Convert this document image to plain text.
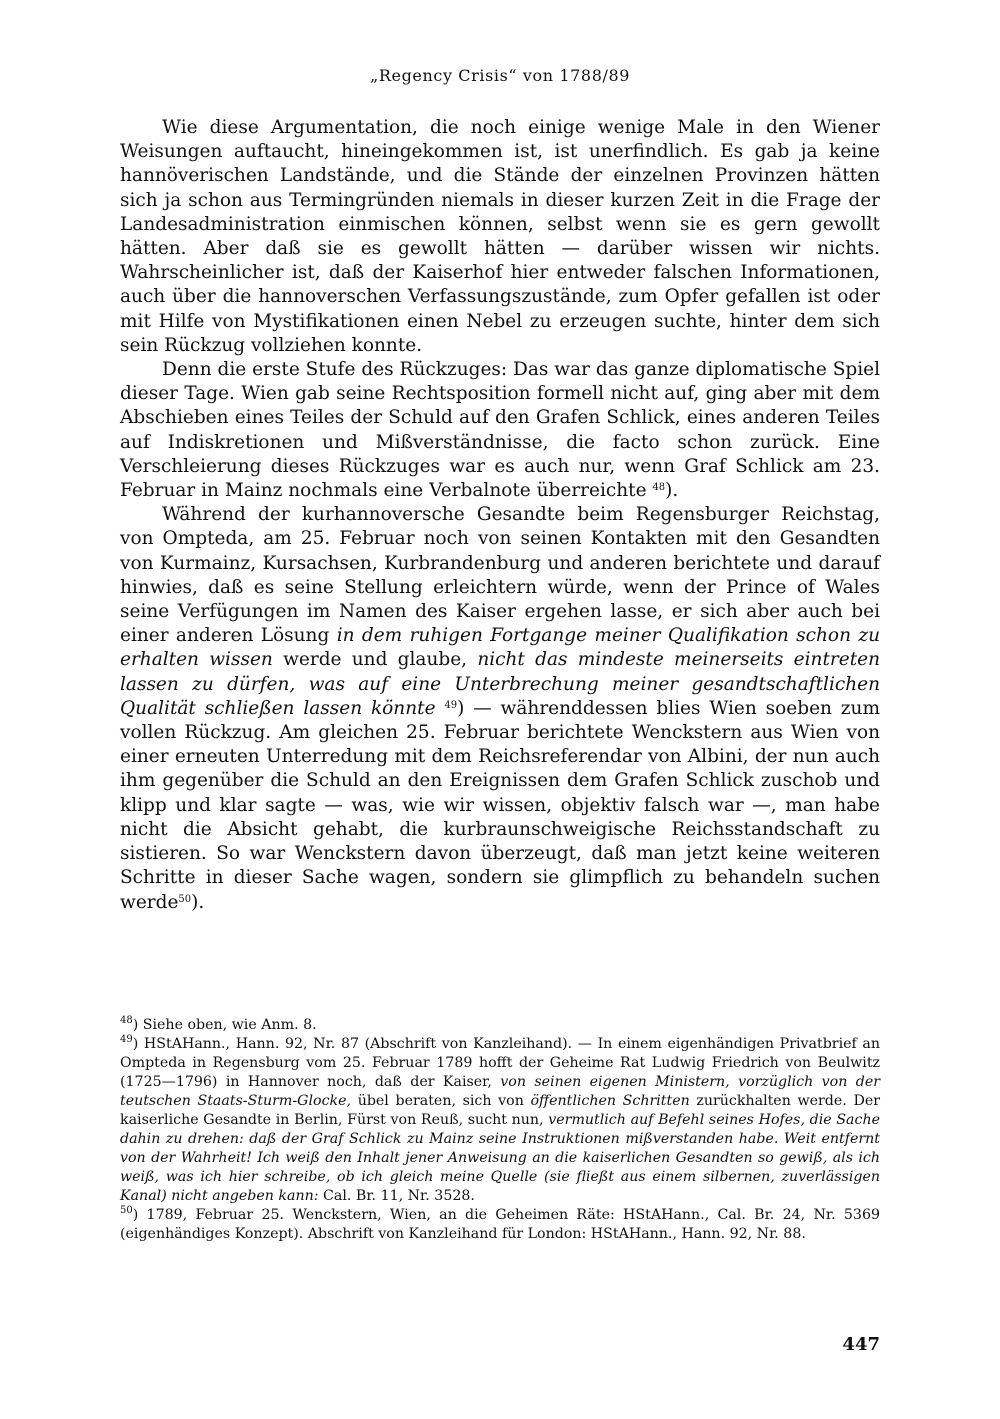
„Regency Crisis“ von 1788/89

Wie diese Argumentation, die noch einige wenige Male in den Wiener Weisungen auftaucht, hineingekommen ist, ist unerfindlich. Es gab ja keine hannöverischen Landstände, und die Stände der einzelnen Provinzen hätten sich ja schon aus Termingründen niemals in dieser kurzen Zeit in die Frage der Landesadministration einmischen können, selbst wenn sie es gern gewollt hätten. Aber daß sie es gewollt hätten — darüber wissen wir nichts. Wahrscheinlicher ist, daß der Kaiserhof hier entweder falschen Informationen, auch über die hannoverschen Verfassungszustände, zum Opfer gefallen ist oder mit Hilfe von Mystifikationen einen Nebel zu erzeugen suchte, hinter dem sich sein Rückzug vollziehen konnte.

Denn die erste Stufe des Rückzuges: Das war das ganze diplomatische Spiel dieser Tage. Wien gab seine Rechtsposition formell nicht auf, ging aber mit dem Abschieben eines Teiles der Schuld auf den Grafen Schlick, eines anderen Teiles auf Indiskretionen und Mißverständnisse, die facto schon zurück. Eine Verschleierung dieses Rückzuges war es auch nur, wenn Graf Schlick am 23. Februar in Mainz nochmals eine Verbalnote überreichte $^{48}$).

Während der kurhannoversche Gesandte beim Regensburger Reichstag, von Ompteda, am 25. Februar noch von seinen Kontakten mit den Gesandten von Kurmainz, Kursachsen, Kurbrandenburg und anderen berichtete und darauf hinwies, daß es seine Stellung erleichtern würde, wenn der Prince of Wales seine Verfügungen im Namen des Kaiser ergehen lasse, er sich aber auch bei einer anderen Lösung in dem ruhigen Fortgange meiner Qualifikation schon zu erhalten wissen werde und glaube, nicht das mindeste meinerseits eintreten lassen zu dürfen, was auf eine Unterbrechung meiner gesandtschaftlichen Qualität schließen lassen könnte $^{49}$) — währenddessen blies Wien soeben zum vollen Rückzug. Am gleichen 25. Februar berichtete Wenckstern aus Wien von einer erneuten Unterredung mit dem Reichsreferendar von Albini, der nun auch ihm gegenüber die Schuld an den Ereignissen dem Grafen Schlick zuschob und klipp und klar sagte — was, wie wir wissen, objektiv falsch war —, man habe nicht die Absicht gehabt, die kurbraunschweigische Reichsstandschaft zu sistieren. So war Wenckstern davon überzeugt, daß man jetzt keine weiteren Schritte in dieser Sache wagen, sondern sie glimpflich zu behandeln suchen werde$^{50}$).

$^{48}$) Siehe oben, wie Anm. 8.

$^{49}$) HStAHann., Hann. 92, Nr. 87 (Abschrift von Kanzleihand). — In einem eigenhändigen Privatbrief an Ompteda in Regensburg vom 25. Februar 1789 hofft der Geheime Rat Ludwig Friedrich von Beulwitz (1725—1796) in Hannover noch, daß der Kaiser, von seinen eigenen Ministern, vorzüglich von der teutschen Staats-Sturm-Glocke, übel beraten, sich von öffentlichen Schritten zurückhalten werde. Der kaiserliche Gesandte in Berlin, Fürst von Reuß, sucht nun, vermutlich auf Befehl seines Hofes, die Sache dahin zu drehen: daß der Graf Schlick zu Mainz seine Instruktionen mißverstanden habe. Weit entfernt von der Wahrheit! Ich weiß den Inhalt jener Anweisung an die kaiserlichen Gesandten so gewiß, als ich weiß, was ich hier schreibe, ob ich gleich meine Quelle (sie fließt aus einem silbernen, zuverlässigen Kanal) nicht angeben kann: Cal. Br. 11, Nr. 3528.

$^{50}$) 1789, Februar 25. Wenckstern, Wien, an die Geheimen Räte: HStAHann., Cal. Br. 24, Nr. 5369 (eigenhändiges Konzept). Abschrift von Kanzleihand für London: HStAHann., Hann. 92, Nr. 88.

447
